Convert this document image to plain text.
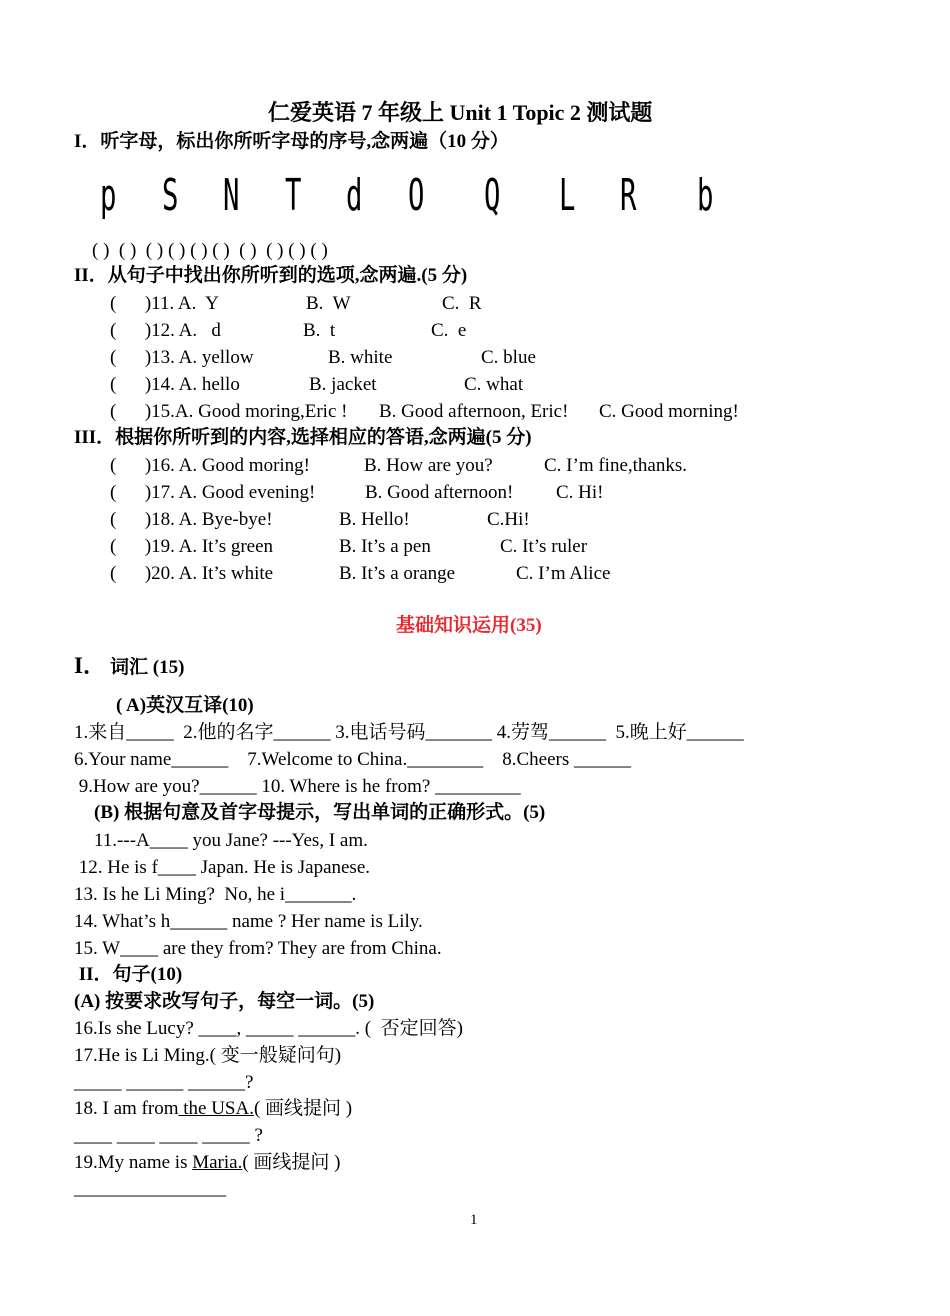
仁爱英语 7 年级上 Unit 1 Topic 2 测试题
I．听字母，标出你所听字母的序号,念两遍（10 分）
p S N T d O Q L R b
( )  ( )  ( ) ( ) ( ) ( )  ( )  ( ) ( ) ( )
II．从句子中找出你所听到的选项,念两遍.(5 分)
(      )11. A.  Y	B.  W	C.  R
(      )12. A.   d	B.  t	C.  e
(      )13. A. yellow	B. white	C. blue
(      )14. A. hello	B. jacket	C. what
(      )15.A. Good moring,Eric ! B. Good afternoon, Eric! C. Good morning!
III．根据你所听到的内容,选择相应的答语,念两遍(5 分)
(      )16. A. Good moring!	B. How are you?	C. I’m fine,thanks.
(      )17. A. Good evening!	B. Good afternoon! C. Hi!
(      )18. A. Bye-bye!	B. Hello!	C.Hi!
(      )19. A. It’s green	B. It’s a pen	C. It’s ruler
(      )20. A. It’s white	B. It’s a orange	C. I’m Alice
基础知识运用(35)
I． 词汇 (15)
( A)英汉互译(10)
1.来自_____  2.他的名字______ 3.电话号码_______ 4.劳驾______  5.晚上好______
6.Your name______    7.Welcome to China.________    8.Cheers ______
9.How are you?______ 10. Where is he from? _________
(B) 根据句意及首字母提示，写出单词的正确形式。(5)
11.---A____ you Jane? ---Yes, I am.
12. He is f____ Japan. He is Japanese.
13. Is he Li Ming?  No, he i_______.
14. What’s h______ name ? Her name is Lily.
15. W____ are they from? They are from China.
II．句子(10)
(A) 按要求改写句子，每空一词。(5)
16.Is she Lucy? ____, _____ ______. (  否定回答)
17.He is Li Ming.( 变一般疑问句)
_____ ______ ______?
18. I am from the USA.( 画线提问 )
____ ____ ____ _____ ?
19.My name is Maria.( 画线提问 )
________________
1
